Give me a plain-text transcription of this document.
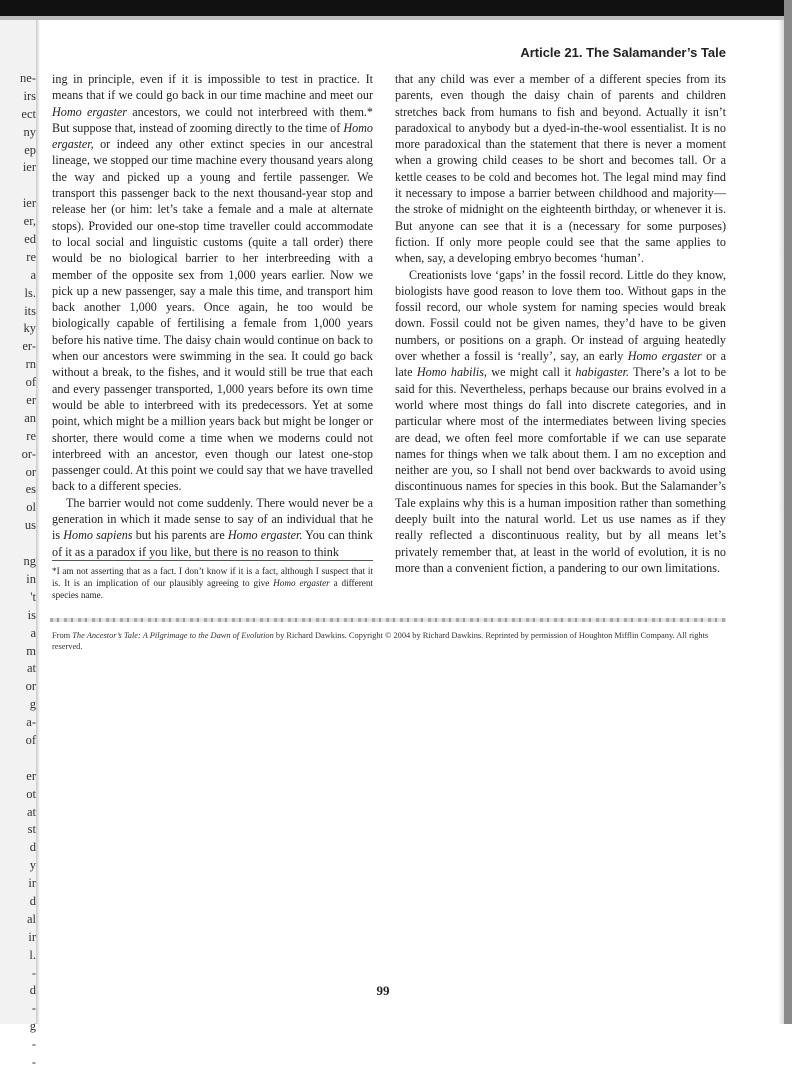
ne-
irs
ect
ny
ep
ier
ier
er,
ed
re
a
ls.
its
ky
er-
rn
of
er
an
re
or-
or
es
ol
us
ng
in
't
is
a
m
at
or
g
a-
of
er
ot
at
st
d
y
ir
d
al
ir
l.
-
d
-
g
-
-
Article 21. The Salamander’s Tale

ing in principle, even if it is impossible to test in practice. It means that if we could go back in our time machine and meet our Homo ergaster ancestors, we could not interbreed with them.* But suppose that, instead of zooming directly to the time of Homo ergaster, or indeed any other extinct species in our ancestral lineage, we stopped our time machine every thousand years along the way and picked up a young and fertile passenger. We transport this passenger back to the next thousand-year stop and release her (or him: let’s take a female and a male at alternate stops). Provided our one-stop time traveller could accommodate to local social and linguistic customs (quite a tall order) there would be no biological barrier to her interbreeding with a member of the opposite sex from 1,000 years earlier. Now we pick up a new passenger, say a male this time, and transport him back another 1,000 years. Once again, he too would be biologically capable of fertilising a female from 1,000 years before his native time. The daisy chain would continue on back to when our ancestors were swimming in the sea. It could go back without a break, to the fishes, and it would still be true that each and every passenger transported, 1,000 years before its own time would be able to interbreed with its predecessors. Yet at some point, which might be a million years back but might be longer or shorter, there would come a time when we moderns could not interbreed with an ancestor, even though our latest one-stop passenger could. At this point we could say that we have travelled back to a different species.

The barrier would not come suddenly. There would never be a generation in which it made sense to say of an individual that he is Homo sapiens but his parents are Homo ergaster. You can think of it as a paradox if you like, but there is no reason to think

*I am not asserting that as a fact. I don’t know if it is a fact, although I suspect that it is. It is an implication of our plausibly agreeing to give Homo ergaster a different species name.

that any child was ever a member of a different species from its parents, even though the daisy chain of parents and children stretches back from humans to fish and beyond. Actually it isn’t paradoxical to anybody but a dyed-in-the-wool essentialist. It is no more paradoxical than the statement that there is never a moment when a growing child ceases to be short and becomes tall. Or a kettle ceases to be cold and becomes hot. The legal mind may find it necessary to impose a barrier between childhood and majority—the stroke of midnight on the eighteenth birthday, or whenever it is. But anyone can see that it is a (necessary for some purposes) fiction. If only more people could see that the same applies to when, say, a developing embryo becomes ‘human’.

Creationists love ‘gaps’ in the fossil record. Little do they know, biologists have good reason to love them too. Without gaps in the fossil record, our whole system for naming species would break down. Fossil could not be given names, they’d have to be given numbers, or positions on a graph. Or instead of arguing heatedly over whether a fossil is ‘really’, say, an early Homo ergaster or a late Homo habilis, we might call it habigaster. There’s a lot to be said for this. Nevertheless, perhaps because our brains evolved in a world where most things do fall into discrete categories, and in particular where most of the intermediates between living species are dead, we often feel more comfortable if we can use separate names for things when we talk about them. I am no exception and neither are you, so I shall not bend over backwards to avoid using discontinuous names for species in this book. But the Salamander’s Tale explains why this is a human imposition rather than something deeply built into the natural world. Let us use names as if they really reflected a discontinuous reality, but by all means let’s privately remember that, at least in the world of evolution, it is no more than a convenient fiction, a pandering to our own limitations.

From The Ancestor’s Tale: A Pilgrimage to the Dawn of Evolution by Richard Dawkins. Copyright © 2004 by Richard Dawkins. Reprinted by permission of Houghton Mifflin Company. All rights reserved.
99
